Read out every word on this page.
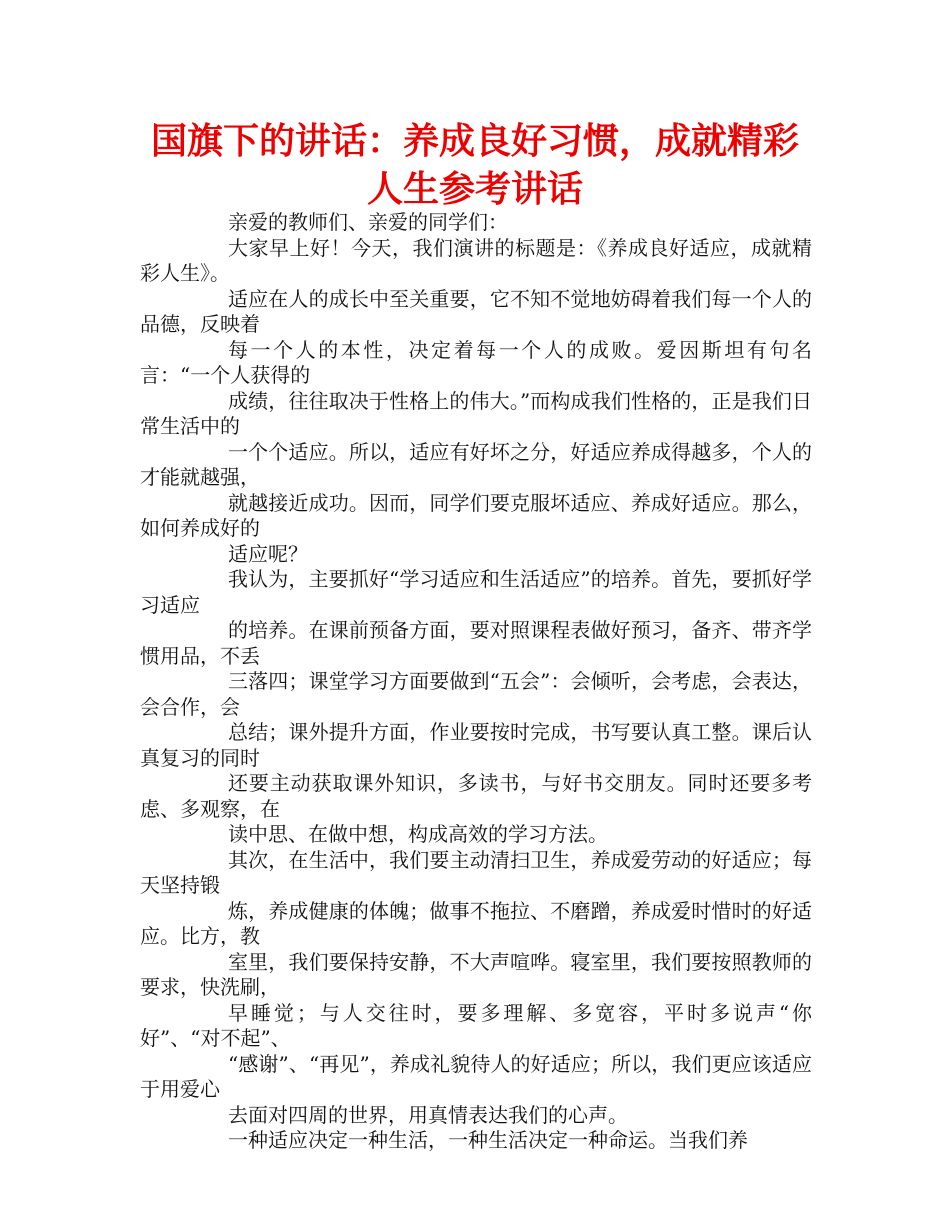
国旗下的讲话：养成良好习惯，成就精彩人生参考讲话

亲爱的教师们、亲爱的同学们：

大家早上好！今天，我们演讲的标题是：《养成良好适应，成就精彩人生》。

适应在人的成长中至关重要，它不知不觉地妨碍着我们每一个人的品德，反映着

每一个人的本性，决定着每一个人的成败。爱因斯坦有句名言：“一个人获得的

成绩，往往取决于性格上的伟大。”而构成我们性格的，正是我们日常生活中的

一个个适应。所以，适应有好坏之分，好适应养成得越多，个人的才能就越强，

就越接近成功。因而，同学们要克服坏适应、养成好适应。那么，如何养成好的

适应呢？

我认为，主要抓好“学习适应和生活适应”的培养。首先，要抓好学习适应

的培养。在课前预备方面，要对照课程表做好预习，备齐、带齐学惯用品，不丢

三落四；课堂学习方面要做到“五会”：会倾听，会考虑，会表达，会合作，会

总结；课外提升方面，作业要按时完成，书写要认真工整。课后认真复习的同时

还要主动获取课外知识，多读书，与好书交朋友。同时还要多考虑、多观察，在

读中思、在做中想，构成高效的学习方法。

其次，在生活中，我们要主动清扫卫生，养成爱劳动的好适应；每天坚持锻

炼，养成健康的体魄；做事不拖拉、不磨蹭，养成爱时惜时的好适应。比方，教

室里，我们要保持安静，不大声喧哗。寝室里，我们要按照教师的要求，快洗刷，

早睡觉；与人交往时，要多理解、多宽容，平时多说声“你好”、“对不起”、

“感谢”、“再见”，养成礼貌待人的好适应；所以，我们更应该适应于用爱心

去面对四周的世界，用真情表达我们的心声。

一种适应决定一种生活，一种生活决定一种命运。当我们养
